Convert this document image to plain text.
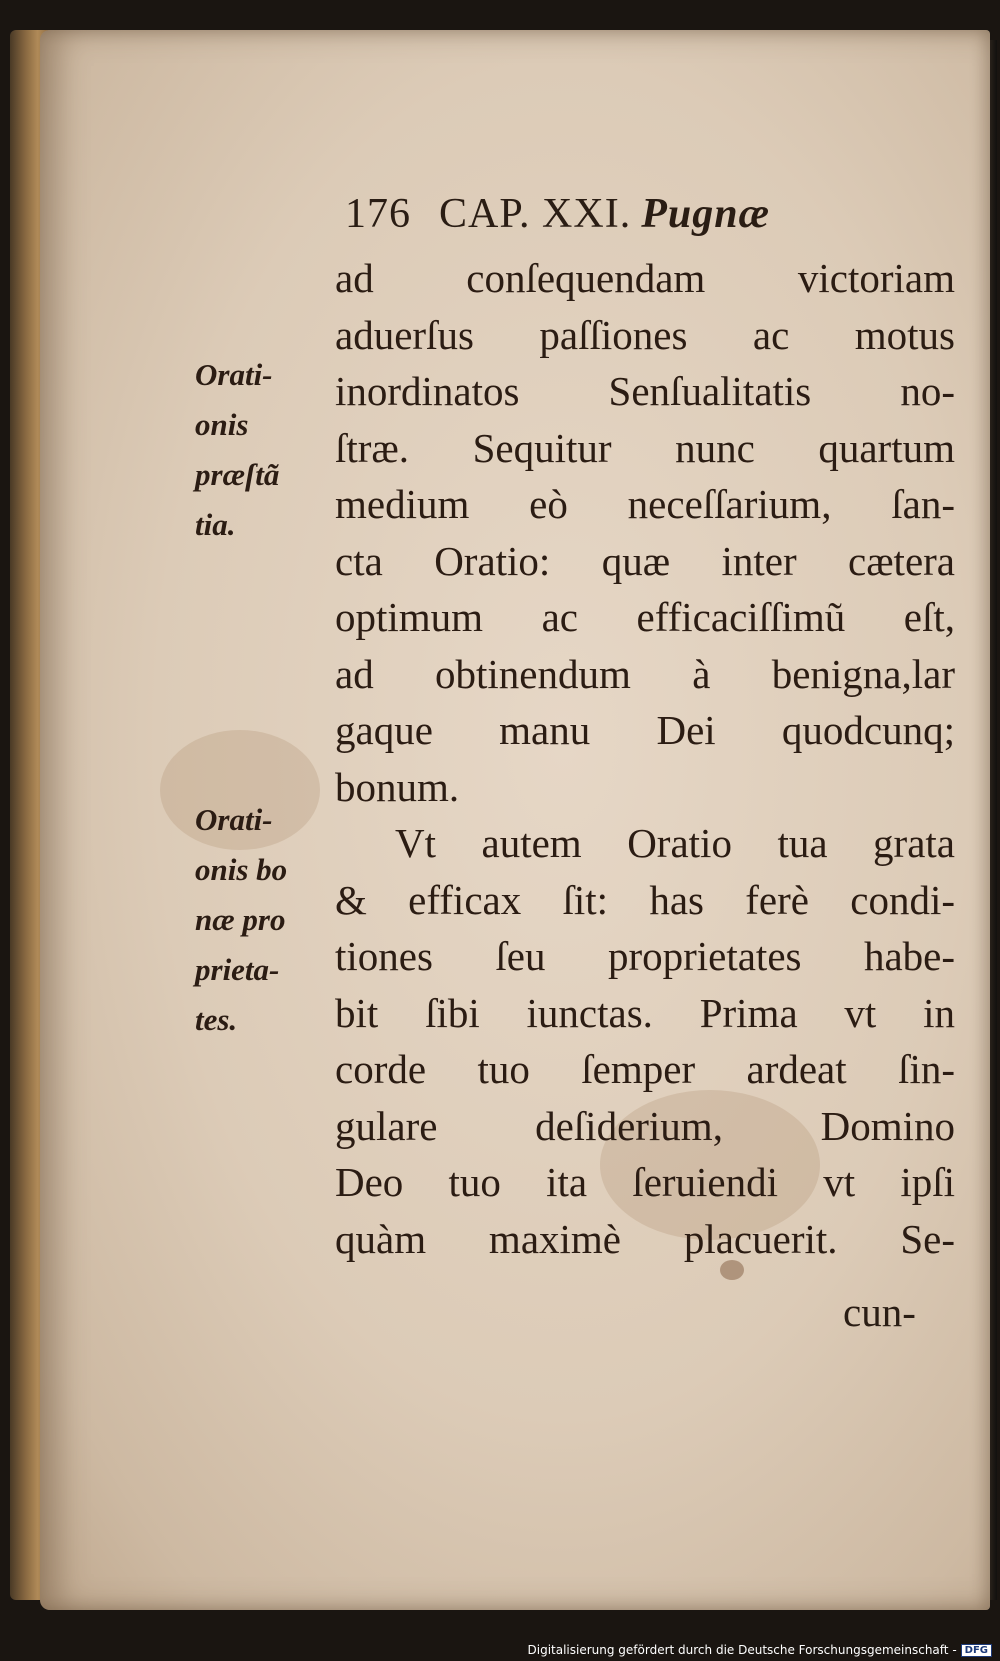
176 CAP. XXI. Pugnæ
ad conſequendam victoriam
aduerſus paſſiones ac motus
inordinatos Senſualitatis no-
ſtræ. Sequitur nunc quartum
medium eò neceſſarium, ſan-
cta Oratio: quæ inter cætera
optimum ac efficaciſſimũ eſt,
ad obtinendum à benigna,lar
gaque manu Dei quodcunq;
bonum.
Vt autem Oratio tua grata
& efficax ſit: has ferè condi-
tiones ſeu proprietates habe-
bit ſibi iunctas. Prima vt in
corde tuo ſemper ardeat ſin-
gulare deſiderium, Domino
Deo tuo ita ſeruiendi vt ipſi
quàm maximè placuerit. Se-
cun-
Orati-
onis
præſtã
tia.
Orati-
onis bo
næ pro
prieta-
tes.
Digitalisierung gefördert durch die Deutsche Forschungsgemeinschaft - DFG
